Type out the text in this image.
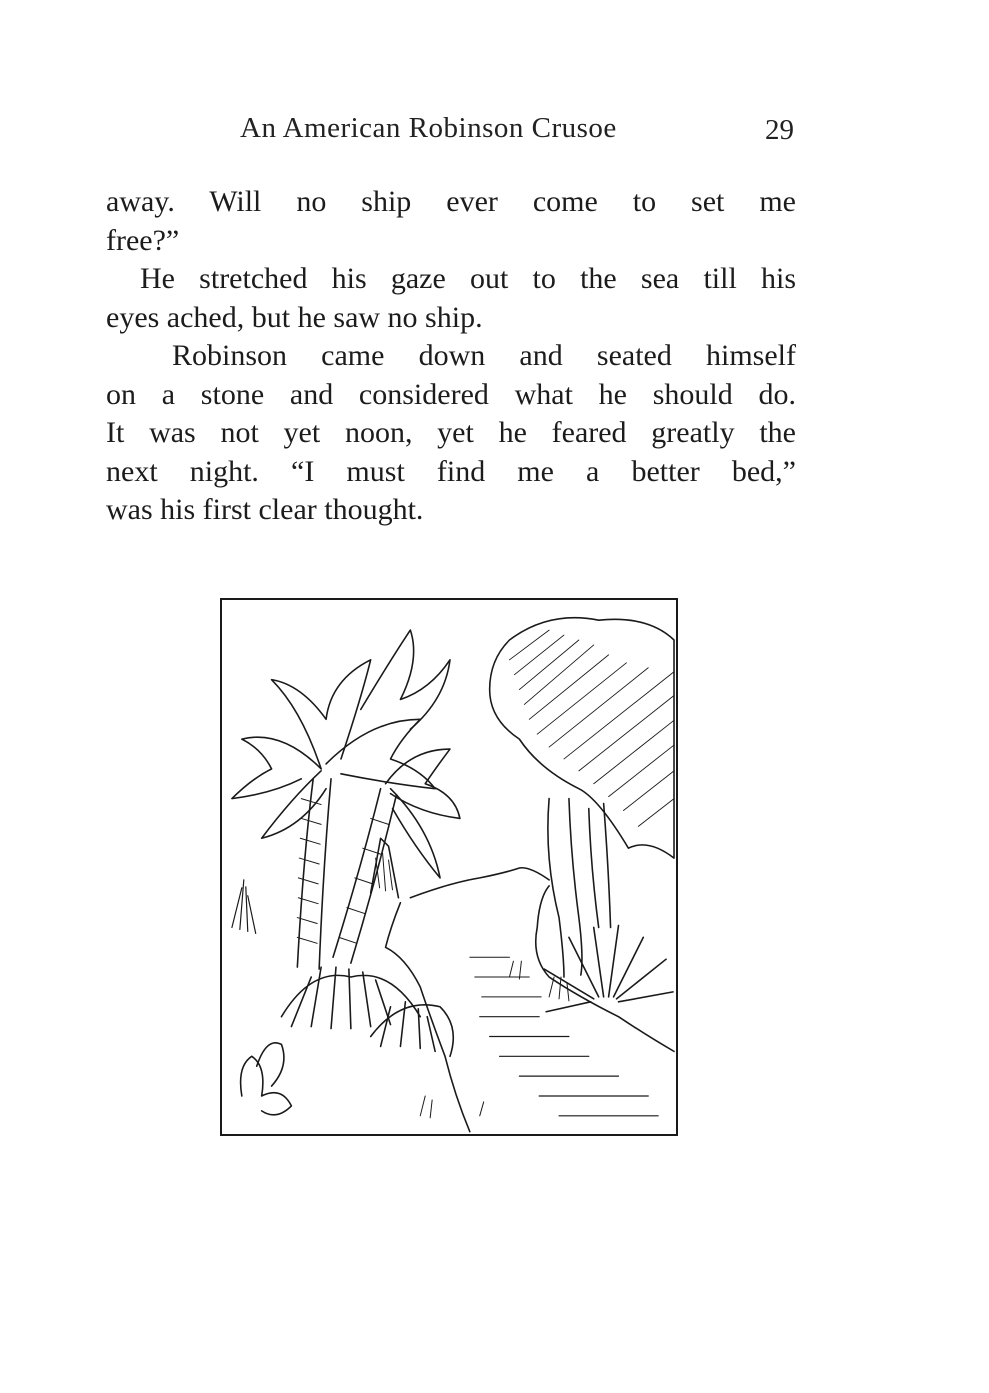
An American Robinson Crusoe	29

away. Will no ship ever come to set me

free?”

He stretched his gaze out to the sea till his

eyes ached, but he saw no ship.

Robinson came down and seated himself

on a stone and considered what he should do.

It was not yet noon, yet he feared greatly the

next night. “I must find me a better bed,”

was his first clear thought.
